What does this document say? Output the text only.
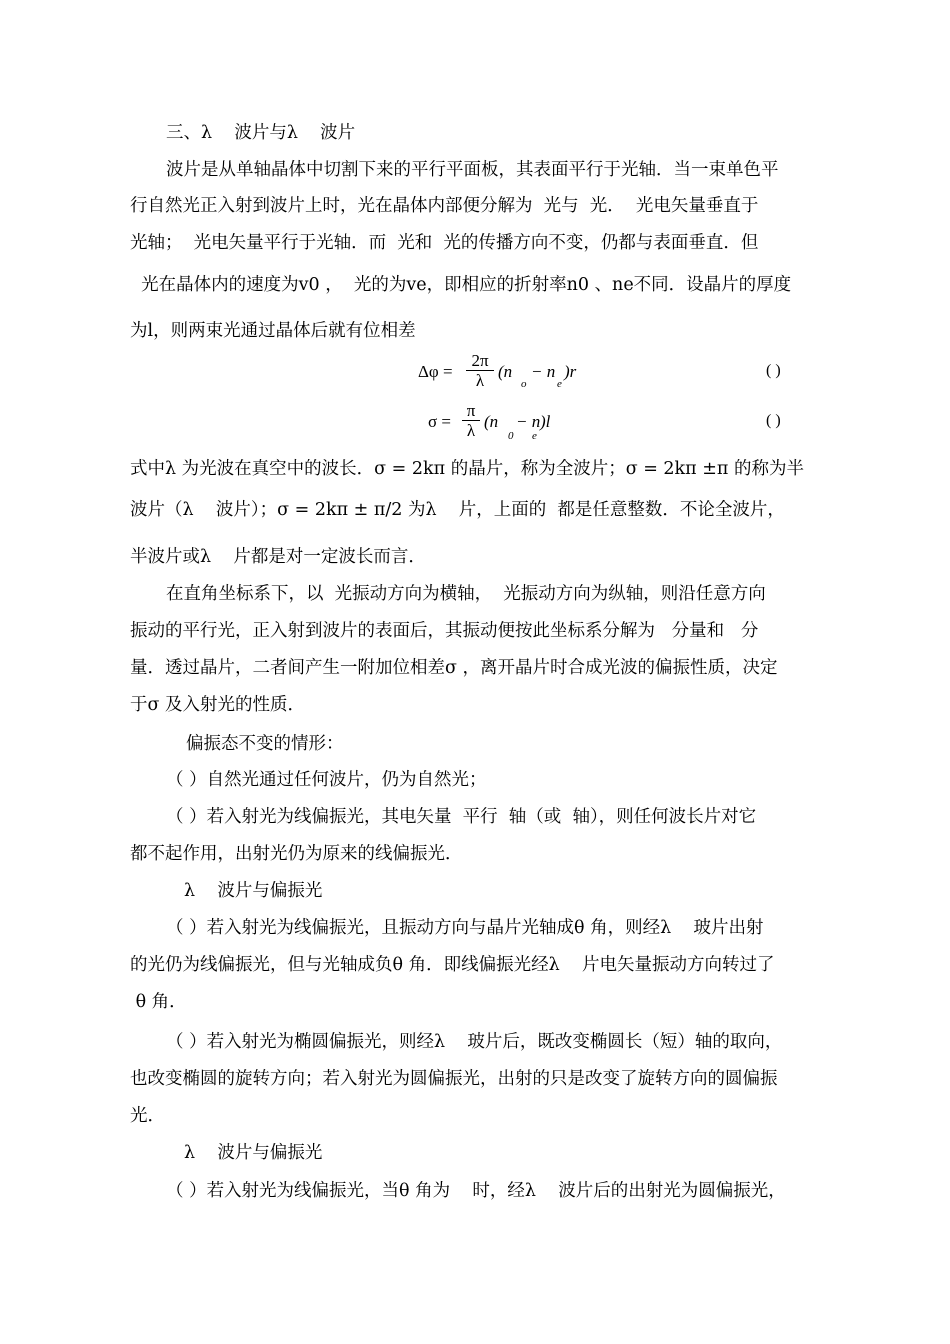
三、λ    波片与λ    波片
波片是从单轴晶体中切割下来的平行平面板，其表面平行于光轴．当一束单色平
行自然光正入射到波片上时，光在晶体内部便分解为  光与  光．  光电矢量垂直于
光轴；  光电矢量平行于光轴．而  光和  光的传播方向不变，仍都与表面垂直．但
光在晶体内的速度为v0 ，  光的为ve，即相应的折射率n0 、ne不同．设晶片的厚度
为l，则两束光通过晶体后就有位相差
$\Delta\varphi = \frac{2\pi}{\lambda} (n$
o
− n
e
)r	( )
$\sigma = \frac{\pi}{\lambda} (n$
0
− n
e
)l	( )
式中λ 为光波在真空中的波长．σ = 2kπ 的晶片，称为全波片；σ = 2kπ ±π 的称为半
波片（λ    波片）；σ = 2kπ ± π/2 为λ    片，上面的  都是任意整数．不论全波片，
半波片或λ    片都是对一定波长而言．
在直角坐标系下，以  光振动方向为横轴，  光振动方向为纵轴，则沿任意方向
振动的平行光，正入射到波片的表面后，其振动便按此坐标系分解为   分量和   分
量．透过晶片，二者间产生一附加位相差σ ，离开晶片时合成光波的偏振性质，决定
于σ 及入射光的性质．
偏振态不变的情形：
（ ）自然光通过任何波片，仍为自然光；
（ ）若入射光为线偏振光，其电矢量  平行  轴（或  轴），则任何波长片对它
都不起作用，出射光仍为原来的线偏振光．
λ    波片与偏振光
（ ）若入射光为线偏振光，且振动方向与晶片光轴成θ 角，则经λ    玻片出射
的光仍为线偏振光，但与光轴成负θ 角．即线偏振光经λ    片电矢量振动方向转过了
θ 角．
（ ）若入射光为椭圆偏振光，则经λ    玻片后，既改变椭圆长（短）轴的取向，
也改变椭圆的旋转方向；若入射光为圆偏振光，出射的只是改变了旋转方向的圆偏振
光．
λ    波片与偏振光
（ ）若入射光为线偏振光，当θ 角为    时，经λ    波片后的出射光为圆偏振光，
